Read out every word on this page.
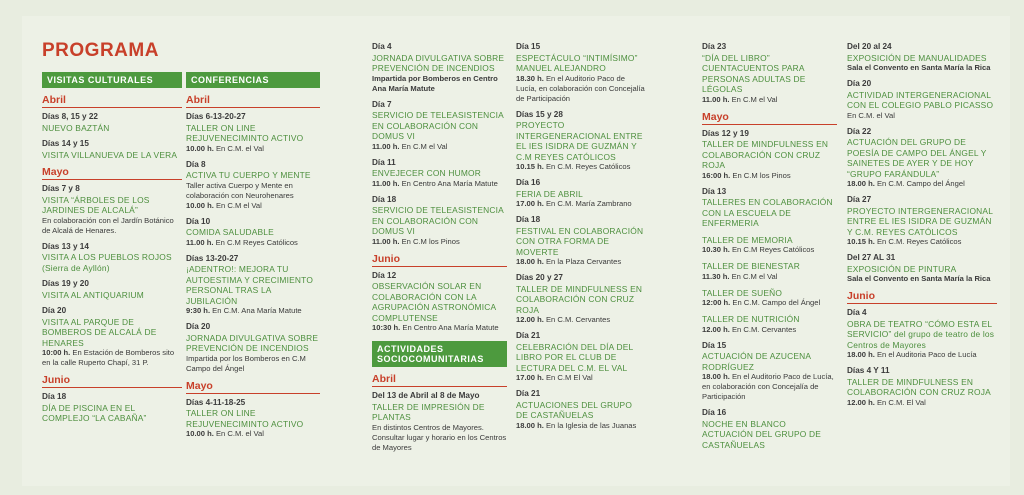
PROGRAMA
VISITAS CULTURALES
Abril
Días 8, 15 y 22
NUEVO BAZTÁN
Días 14 y 15
VISITA VILLANUEVA DE LA VERA
Mayo
Días 7 y 8
VISITA “ÁRBOLES DE LOS JARDINES DE ALCALÁ”
En colaboración con el Jardín Botánico de Alcalá de Henares.
Días 13 y 14
VISITA A LOS PUEBLOS ROJOS
(Sierra de Ayllón)
Días 19 y 20
VISITA AL ANTIQUARIUM
Día 20
VISITA AL PARQUE DE BOMBEROS DE ALCALÁ DE HENARES
10:00 h. En Estación de Bomberos sito en la calle Ruperto Chapí, 31 P.
Junio
Día 18
DÍA DE PISCINA EN EL COMPLEJO “LA CABAÑA”
CONFERENCIAS
Abril
Días 6-13-20-27
TALLER ON LINE REJUVENECIMINTO ACTIVO
10.00 h. En C.M. el Val
Día 8
ACTIVA TU CUERPO Y MENTE
Taller activa Cuerpo y Mente en colaboración con Neurohenares
10.00 h. En C.M el Val
Día 10
COMIDA SALUDABLE
11.00 h. En C.M Reyes Católicos
Días 13-20-27
¡ADENTRO!: MEJORA TU AUTOESTIMA Y CRECIMIENTO PERSONAL TRAS LA JUBILACIÓN
9:30 h. En C.M. Ana María Matute
Día 20
JORNADA DIVULGATIVA SOBRE PREVENCIÓN DE INCENDIOS
Impartida por los Bomberos en C.M Campo del Ángel
Mayo
Días 4-11-18-25
TALLER ON LINE REJUVENECIMINTO ACTIVO
10.00 h. En C.M. el Val
Día 4
JORNADA DIVULGATIVA SOBRE PREVENCIÓN DE INCENDIOS
Impartida por Bomberos en Centro Ana María Matute
Día 7
SERVICIO DE TELEASISTENCIA EN COLABORACIÓN CON DOMUS VI
11.00 h. En C.M el Val
Día 11
ENVEJECER CON HUMOR
11.00 h. En Centro Ana María Matute
Día 18
SERVICIO DE TELEASISTENCIA EN COLABORACIÓN CON DOMUS VI
11.00 h. En C.M los Pinos
Junio
Día 12
OBSERVACIÓN SOLAR EN COLABORACIÓN CON LA AGRUPACIÓN ASTRONÓMICA COMPLUTENSE
10:30 h. En Centro Ana María Matute
ACTIVIDADES SOCIOCOMUNITARIAS
Abril
Del 13 de Abril al 8 de Mayo
TALLER DE IMPRESIÓN DE PLANTAS
En distintos Centros de Mayores. Consultar lugar y horario en los Centros de Mayores
Día 15
ESPECTÁCULO “INTIMÍSIMO” MANUEL ALEJANDRO
18.30 h. En el Auditorio Paco de Lucía, en colaboración con Concejalía de Participación
Días 15 y 28
PROYECTO INTERGENERACIONAL ENTRE EL IES ISIDRA DE GUZMÁN Y C.M REYES CATÓLICOS
10.15 h. En C.M. Reyes Católicos
Día 16
FERIA DE ABRIL
17.00 h. En C.M. María Zambrano
Día 18
FESTIVAL EN COLABORACIÓN CON OTRA FORMA DE MOVERTE
18.00 h. En la Plaza Cervantes
Días 20 y 27
TALLER DE MINDFULNESS EN COLABORACIÓN CON CRUZ ROJA
12.00 h. En C.M. Cervantes
Día 21
CELEBRACIÓN DEL DÍA DEL LIBRO POR EL CLUB DE LECTURA DEL C.M. EL VAL
17.00 h. En C.M El Val
Día 21
ACTUACIONES DEL GRUPO DE CASTAÑUELAS
18.00 h. En la Iglesia de las Juanas
Día 23
“DÍA DEL LIBRO” CUENTACUENTOS PARA PERSONAS ADULTAS DE LÉGOLAS
11.00 h. En C.M el Val
Mayo
Días 12 y 19
TALLER DE MINDFULNESS EN COLABORACIÓN CON CRUZ ROJA
16:00 h. En C.M los Pinos
Día 13
TALLERES EN COLABORACIÓN CON LA ESCUELA DE ENFERMERIA
TALLER DE MEMORIA
10.30 h. En C.M Reyes Católicos
TALLER DE BIENESTAR
11.30 h. En C.M el Val
TALLER DE SUEÑO
12:00 h. En C.M. Campo del Ángel
TALLER DE NUTRICIÓN
12.00 h. En C.M. Cervantes
Día 15
ACTUACIÓN DE AZUCENA RODRÍGUEZ
18.00 h. En el Auditorio Paco de Lucía, en colaboración con Concejalía de Participación
Día 16
NOCHE EN BLANCO ACTUACIÓN DEL GRUPO DE CASTAÑUELAS
Del 20 al 24
EXPOSICIÓN DE MANUALIDADES
Sala el Convento en Santa María la Rica
Día 20
ACTIVIDAD INTERGENERACIONAL CON EL COLEGIO PABLO PICASSO
En C.M. el Val
Día 22
ACTUACIÓN DEL GRUPO DE POESÍA DE CAMPO DEL ÁNGEL Y SAINETES DE AYER Y DE HOY “GRUPO FARÁNDULA”
18.00 h. En C.M. Campo del Ángel
Día 27
PROYECTO INTERGENERACIONAL ENTRE EL IES ISIDRA DE GUZMÁN Y C.M. REYES CATÓLICOS
10.15 h. En C.M. Reyes Católicos
Del 27 AL 31
EXPOSICIÓN DE PINTURA
Sala el Convento en Santa María la Rica
Junio
Día 4
OBRA DE TEATRO “CÓMO ESTA EL SERVICIO” del grupo de teatro de los Centros de Mayores
18.00 h. En el Auditoria Paco de Lucía
Días 4 Y 11
TALLER DE MINDFULNESS EN COLABORACIÓN CON CRUZ ROJA
12.00 h. En C.M. El Val
